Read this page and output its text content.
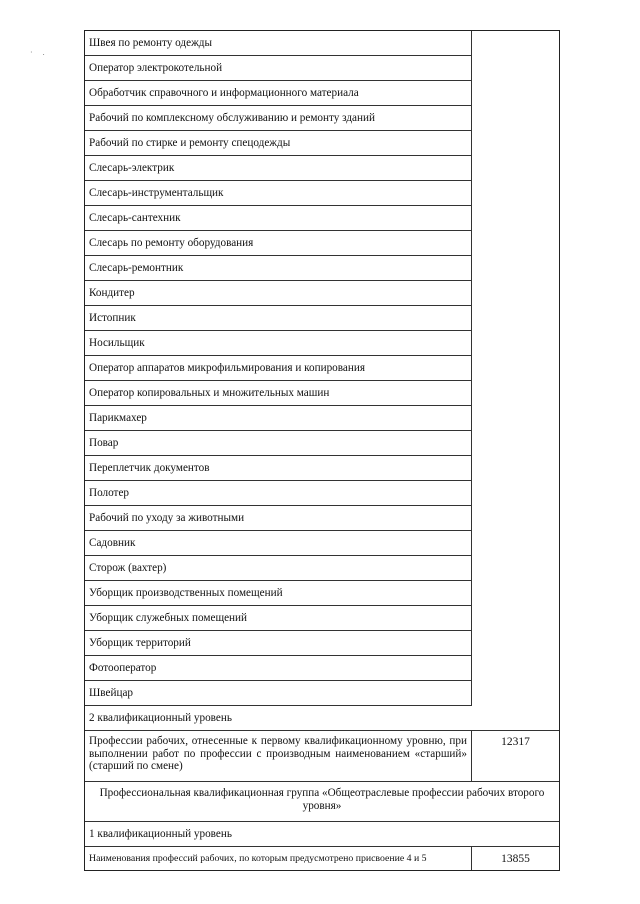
· .
Швея по ремонту одежды
Оператор электрокотельной
Обработчик справочного и информационного материала
Рабочий по комплексному обслуживанию и ремонту зданий
Рабочий по стирке и ремонту спецодежды
Слесарь-электрик
Слесарь-инструментальщик
Слесарь-сантехник
Слесарь по ремонту оборудования
Слесарь-ремонтник
Кондитер
Истопник
Носильщик
Оператор аппаратов микрофильмирования и копирования
Оператор копировальных и множительных машин
Парикмахер
Повар
Переплетчик документов
Полотер
Рабочий по уходу за животными
Садовник
Сторож (вахтер)
Уборщик производственных помещений
Уборщик служебных помещений
Уборщик территорий
Фотооператор
Швейцар
2 квалификационный уровень
Профессии рабочих, отнесенные к первому квалификационному уровню, при выполнении работ по профессии с производным наименованием «старший» (старший по смене)
12317
Профессиональная квалификационная группа «Общеотраслевые профессии рабочих второго уровня»
1 квалификационный уровень
Наименования профессий рабочих, по которым предусмотрено присвоение 4 и 5	13855
